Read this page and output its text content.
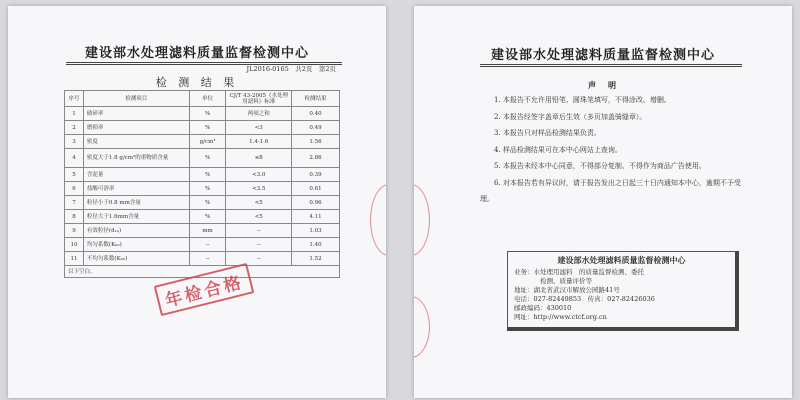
建设部水处理滤料质量监督检测中心
JL2016-0165　共2页　第2页
检 测 结 果
序号	检测项目	单位	CJ/T 43-2005《水处理用滤料》标准	检测结果
1	破碎率	%	两项之和	0.40
2	磨损率	%	<3	0.49
3	密度	g/cm³	1.4-1.6	1.56
4	密度大于1.8 g/cm³的重物质含量	%	≤8	2.86
5	含泥量	%	<3.0	0.39
6	盐酸可溶率	%	<3.5	0.61
7	粒径小于0.8 mm含量	%	<5	0.96
8	粒径大于1.6mm含量	%	<5	4.11
9	有效粒径(d₁₀)	mm	--	1.03
10	均匀系数(K₆₀)	--	--	1.40
11	不均匀系数(K₈₀)	--	--	1.52
以下空白。				
年检合格
建设部水处理滤料质量监督检测中心
声　明

1. 本报告不允许用铅笔、圆珠笔填写，不得涂改、增删。

2. 本报告经签字盖章后生效（多页加盖骑缝章）。

3. 本报告只对样品检测结果负责。

4. 样品检测结果可在本中心网站上查询。

5. 本报告未经本中心同意，不得部分复制、不得作为商品广告使用。

6. 对本报告若有异议时，请于报告发出之日起三十日内通知本中心，逾期不予受理。

建设部水处理滤料质量监督检测中心
业务：水处理用滤料　的质量监督检测、委托
检测、质量评价等
地址：湖北省武汉市解放公园路41号
电话：027-82449853　传真：027-82426036
邮政编码：430010
网址：http://www.ctcf.org.cn
